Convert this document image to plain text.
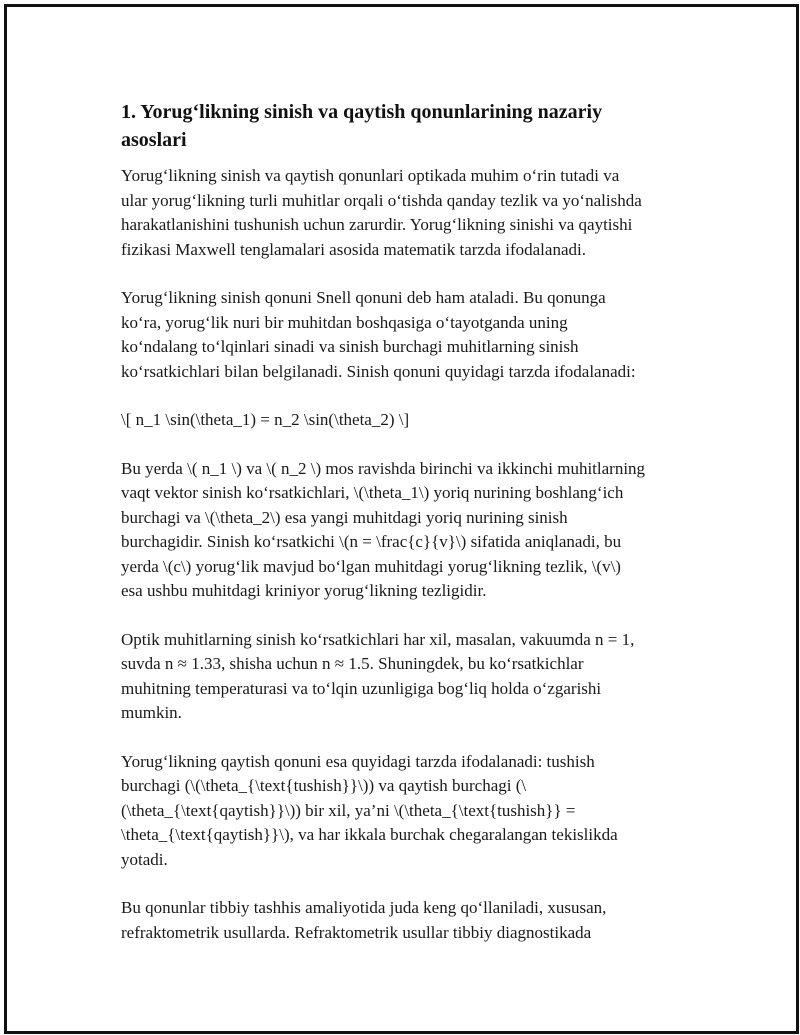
1. Yorug‘likning sinish va qaytish qonunlarining nazariy
asoslari

Yorug‘likning sinish va qaytish qonunlari optikada muhim o‘rin tutadi va
ular yorug‘likning turli muhitlar orqali o‘tishda qanday tezlik va yo‘nalishda
harakatlanishini tushunish uchun zarurdir. Yorug‘likning sinishi va qaytishi
fizikasi Maxwell tenglamalari asosida matematik tarzda ifodalanadi.

Yorug‘likning sinish qonuni Snell qonuni deb ham ataladi. Bu qonunga
ko‘ra, yorug‘lik nuri bir muhitdan boshqasiga o‘tayotganda uning
ko‘ndalang to‘lqinlari sinadi va sinish burchagi muhitlarning sinish
ko‘rsatkichlari bilan belgilanadi. Sinish qonuni quyidagi tarzda ifodalanadi:

\[ n_1 \sin(\theta_1) = n_2 \sin(\theta_2) \]

Bu yerda \( n_1 \) va \( n_2 \) mos ravishda birinchi va ikkinchi muhitlarning
vaqt vektor sinish ko‘rsatkichlari, \(\theta_1\) yoriq nurining boshlang‘ich
burchagi va \(\theta_2\) esa yangi muhitdagi yoriq nurining sinish
burchagidir. Sinish ko‘rsatkichi \(n = \frac{c}{v}\) sifatida aniqlanadi, bu
yerda \(c\) yorug‘lik mavjud bo‘lgan muhitdagi yorug‘likning tezlik, \(v\)
esa ushbu muhitdagi kriniyor yorug‘likning tezligidir.

Optik muhitlarning sinish ko‘rsatkichlari har xil, masalan, vakuumda n = 1,
suvda n ≈ 1.33, shisha uchun n ≈ 1.5. Shuningdek, bu ko‘rsatkichlar
muhitning temperaturasi va to‘lqin uzunligiga bog‘liq holda o‘zgarishi
mumkin.

Yorug‘likning qaytish qonuni esa quyidagi tarzda ifodalanadi: tushish
burchagi (\(\theta_{\text{tushish}}\)) va qaytish burchagi (\
(\theta_{\text{qaytish}}\)) bir xil, ya’ni \(\theta_{\text{tushish}} =
\theta_{\text{qaytish}}\), va har ikkala burchak chegaralangan tekislikda
yotadi.

Bu qonunlar tibbiy tashhis amaliyotida juda keng qo‘llaniladi, xususan,
refraktometrik usullarda. Refraktometrik usullar tibbiy diagnostikada
